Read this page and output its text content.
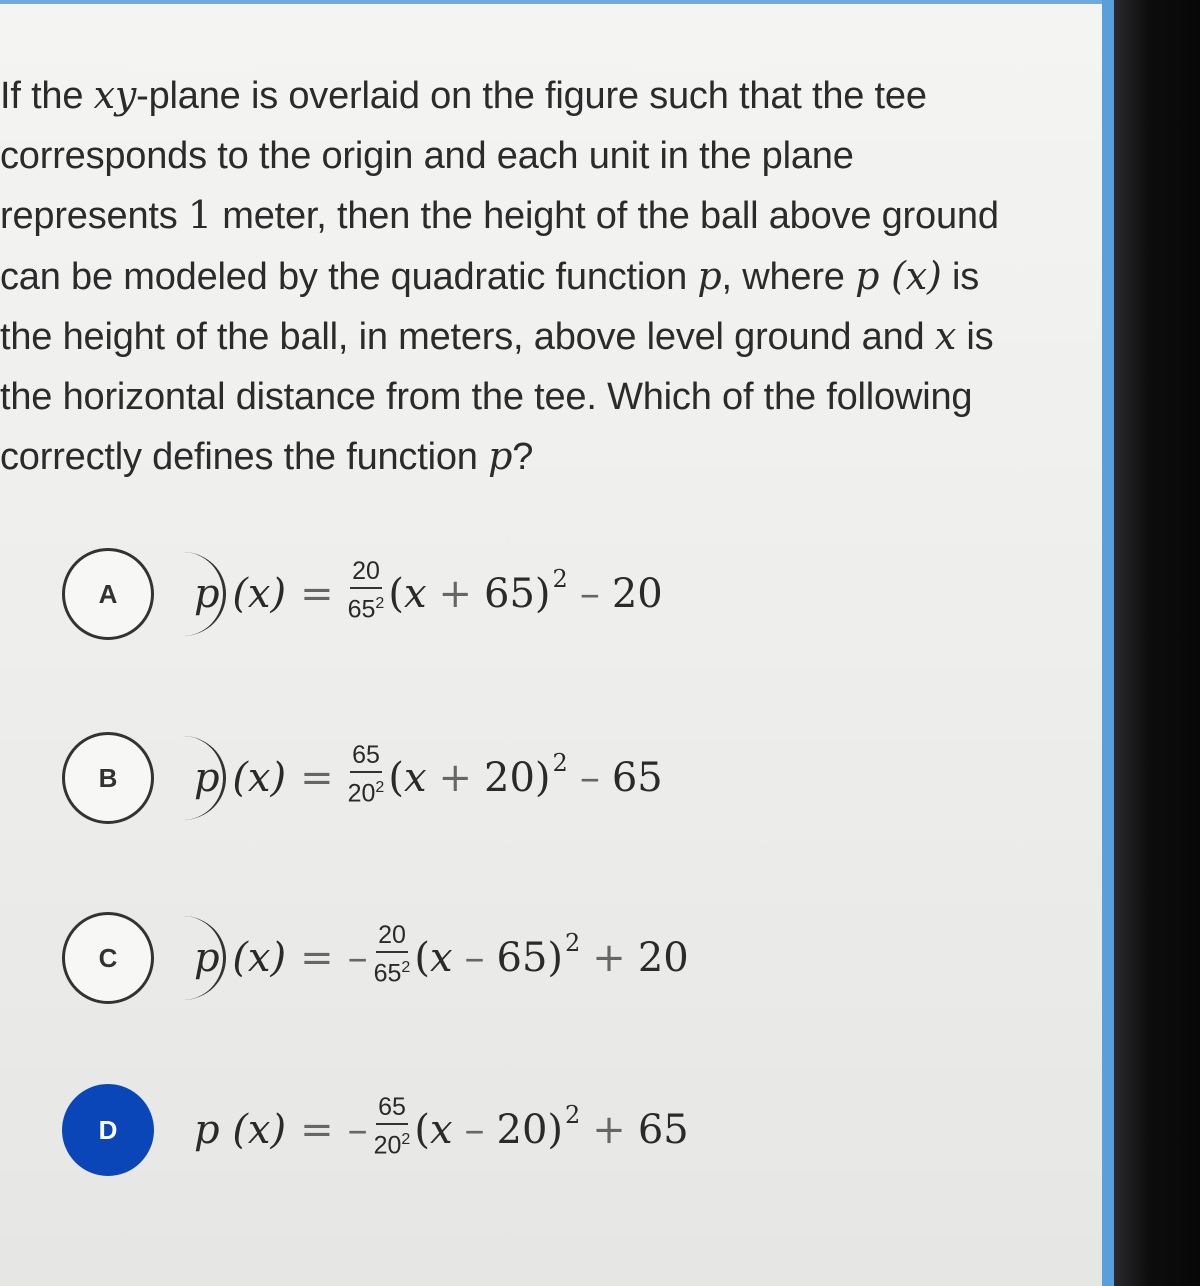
If the xy-plane is overlaid on the figure such that the tee

corresponds to the origin and each unit in the plane

represents 1 meter, then the height of the ball above ground

can be modeled by the quadratic function p, where p (x) is

the height of the ball, in meters, above level ground and x is

the horizontal distance from the tee. Which of the following

correctly defines the function p?

A	p $(x) = \frac{20}{65^2}$ ( x + 65 ) 2 – 20
B	p $(x) = \frac{65}{20^2}$ ( x + 20 ) 2 – 65
C	p (x) = – $\frac{20}{65^2}$ ( x – 65 ) 2 + 20
D	p (x) = – $\frac{65}{20^2}$ ( x – 20 ) 2 + 65
